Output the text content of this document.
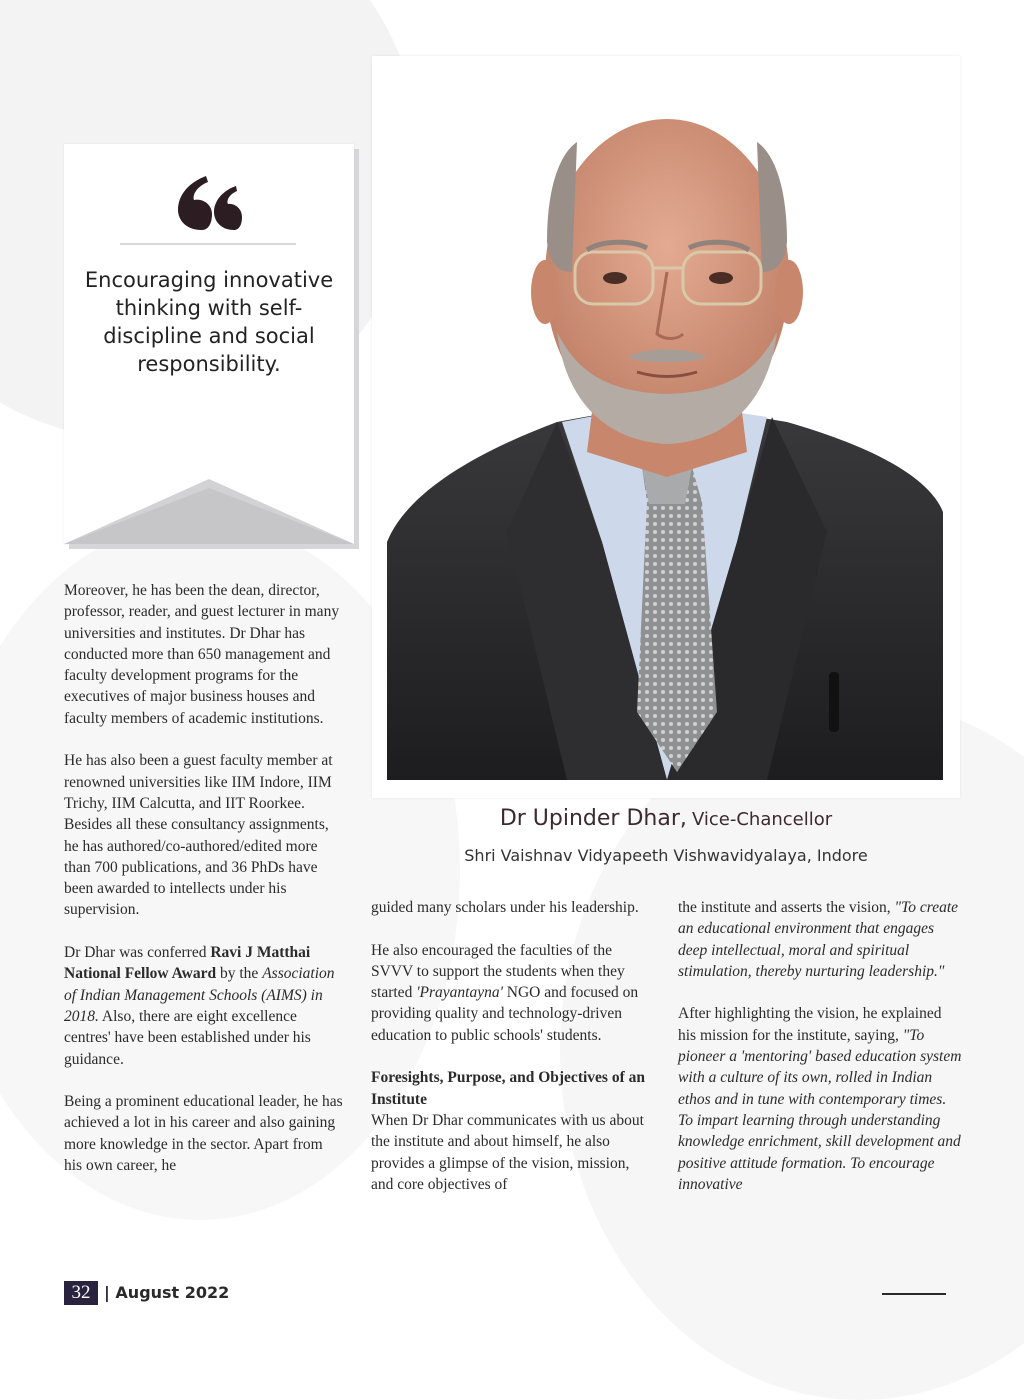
Encouraging innovative thinking with self-discipline and social responsibility.
Dr Upinder Dhar, Vice-Chancellor
Shri Vaishnav Vidyapeeth Vishwavidyalaya, Indore

Moreover, he has been the dean, director, professor, reader, and guest lecturer in many universities and institutes. Dr Dhar has conducted more than 650 management and faculty development programs for the executives of major business houses and faculty members of academic institutions.

He has also been a guest faculty member at renowned universities like IIM Indore, IIM Trichy, IIM Calcutta, and IIT Roorkee. Besides all these consultancy assignments, he has authored/co-authored/edited more than 700 publications, and 36 PhDs have been awarded to intellects under his supervision.

Dr Dhar was conferred Ravi J Matthai National Fellow Award by the Association of Indian Management Schools (AIMS) in 2018. Also, there are eight excellence centres' have been established under his guidance.

Being a prominent educational leader, he has achieved a lot in his career and also gaining more knowledge in the sector. Apart from his own career, he

guided many scholars under his leadership.

He also encouraged the faculties of the SVVV to support the students when they started 'Prayantayna' NGO and focused on providing quality and technology-driven education to public schools' students.

Foresights, Purpose, and Objectives of an Institute

When Dr Dhar communicates with us about the institute and about himself, he also provides a glimpse of the vision, mission, and core objectives of

the institute and asserts the vision, "To create an educational environment that engages deep intellectual, moral and spiritual stimulation, thereby nurturing leadership."

After highlighting the vision, he explained his mission for the institute, saying, "To pioneer a 'mentoring' based education system with a culture of its own, rolled in Indian ethos and in tune with contemporary times. To impart learning through understanding knowledge enrichment, skill development and positive attitude formation. To encourage innovative

32 | August 2022
